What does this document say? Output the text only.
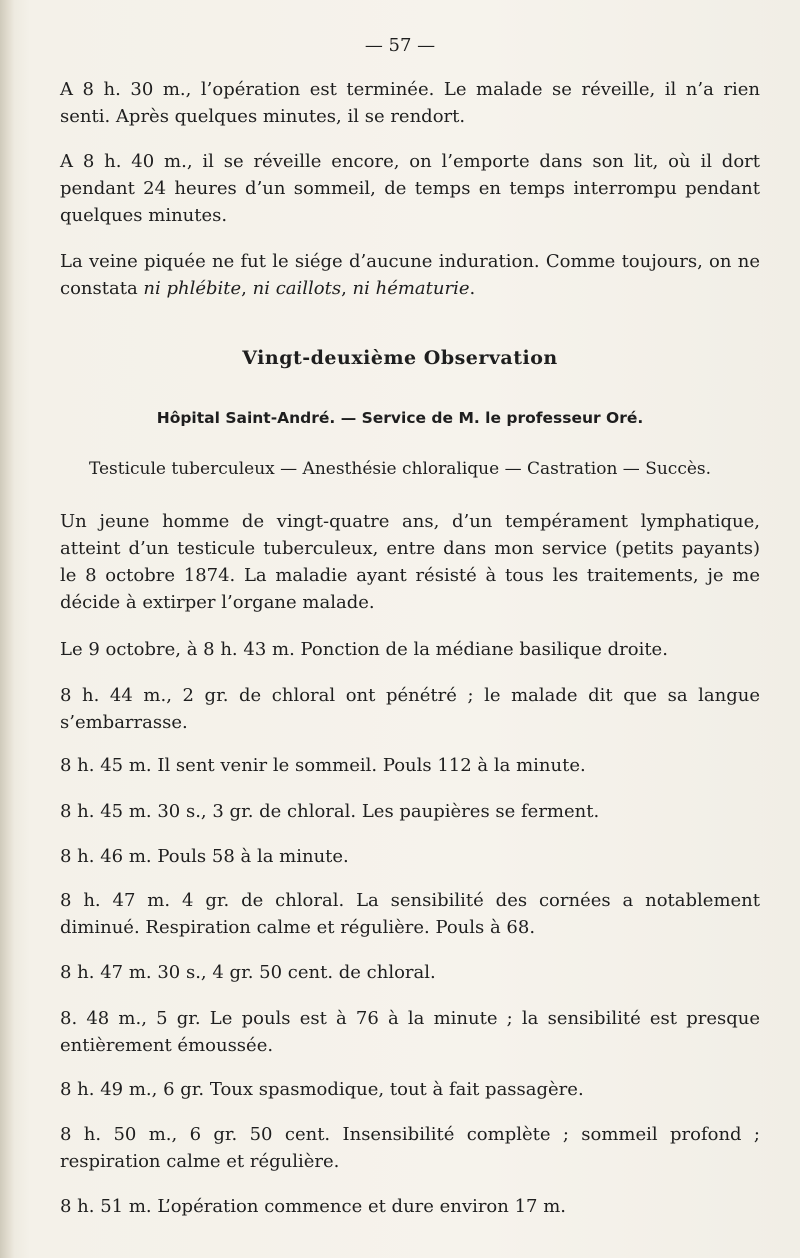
— 57 —

A 8 h. 30 m., l’opération est terminée. Le malade se réveille, il n’a rien senti. Après quelques minutes, il se rendort.

A 8 h. 40 m., il se réveille encore, on l’emporte dans son lit, où il dort pendant 24 heures d’un sommeil, de temps en temps interrompu pendant quelques minutes.

La veine piquée ne fut le siége d’aucune induration. Comme toujours, on ne constata ni phlébite, ni caillots, ni hématurie.

Vingt-deuxième Observation

Hôpital Saint-André. — Service de M. le professeur Oré.

Testicule tuberculeux — Anesthésie chloralique — Castration — Succès.

Un jeune homme de vingt-quatre ans, d’un tempérament lymphatique, atteint d’un testicule tuberculeux, entre dans mon service (petits payants) le 8 octobre 1874. La maladie ayant résisté à tous les traitements, je me décide à extirper l’organe malade.

Le 9 octobre, à 8 h. 43 m. Ponction de la médiane basilique droite.

8 h. 44 m., 2 gr. de chloral ont pénétré ; le malade dit que sa langue s’embarrasse.

8 h. 45 m. Il sent venir le sommeil. Pouls 112 à la minute.

8 h. 45 m. 30 s., 3 gr. de chloral. Les paupières se ferment.

8 h. 46 m. Pouls 58 à la minute.

8 h. 47 m. 4 gr. de chloral. La sensibilité des cornées a notablement diminué. Respiration calme et régulière. Pouls à 68.

8 h. 47 m. 30 s., 4 gr. 50 cent. de chloral.

8. 48 m., 5 gr. Le pouls est à 76 à la minute ; la sensibilité est presque entièrement émoussée.

8 h. 49 m., 6 gr. Toux spasmodique, tout à fait passagère.

8 h. 50 m., 6 gr. 50 cent. Insensibilité complète ; sommeil profond ; respiration calme et régulière.

8 h. 51 m. L’opération commence et dure environ 17 m.
